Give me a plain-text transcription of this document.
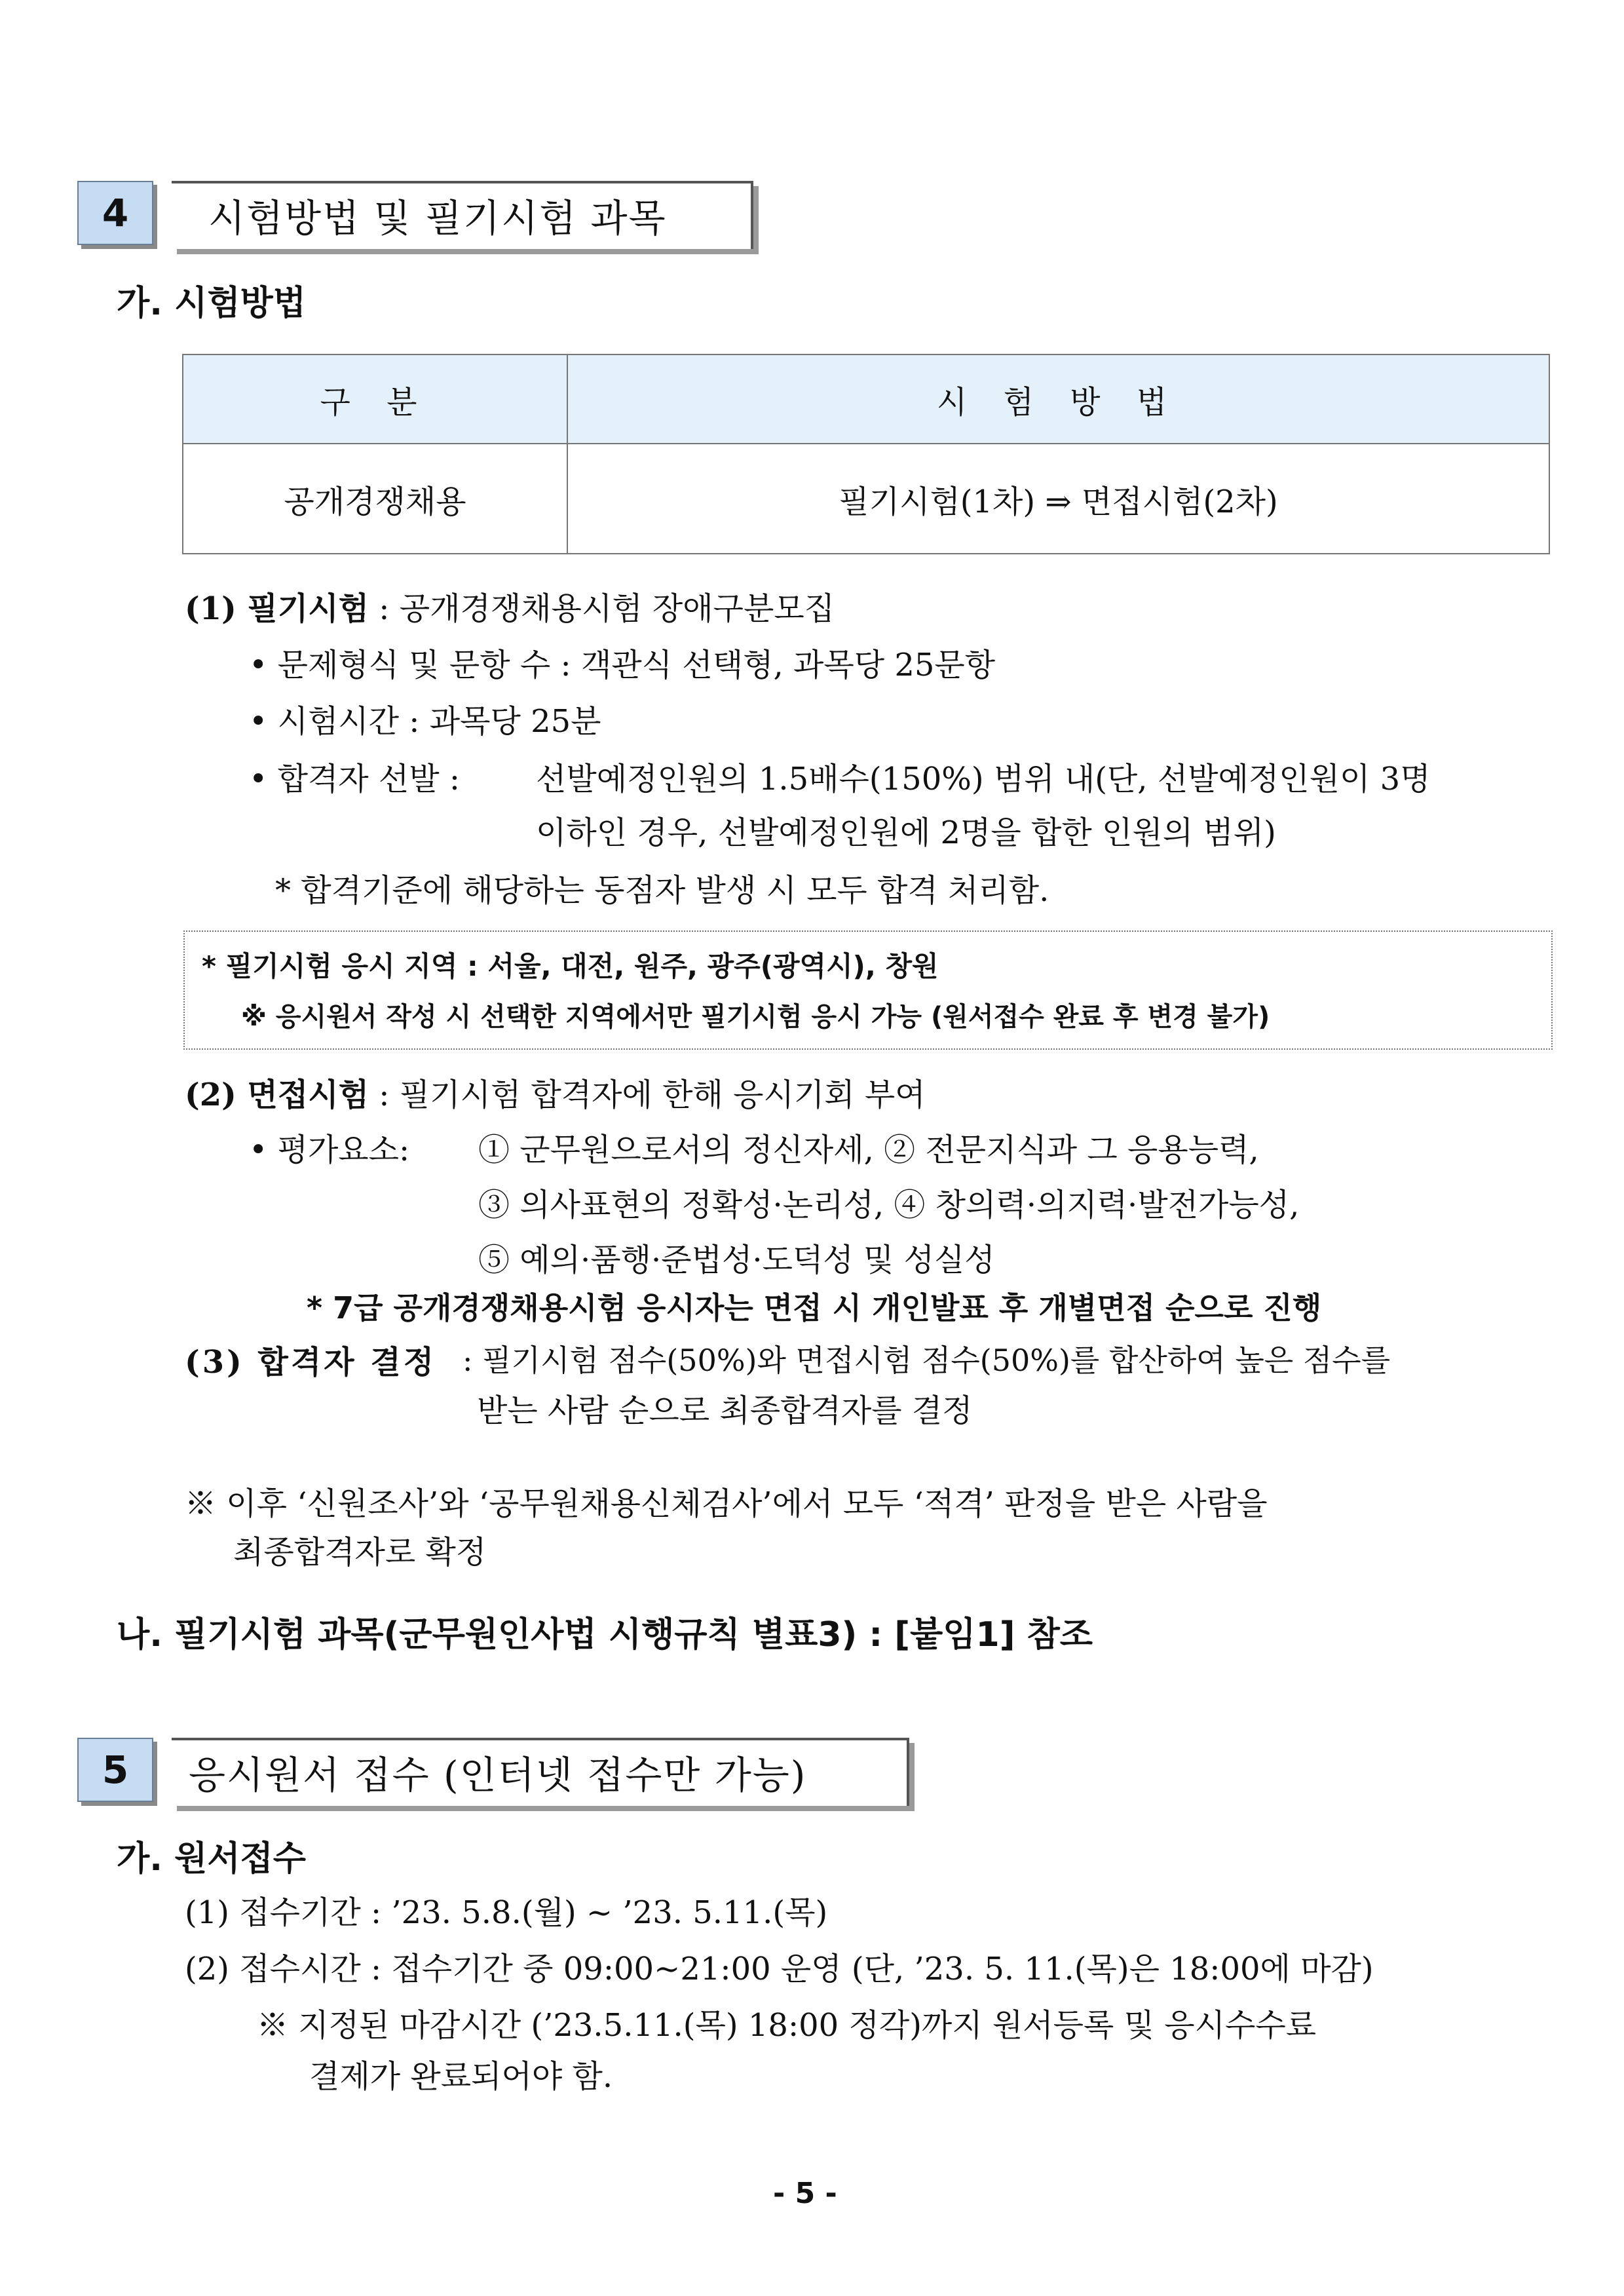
4 시험방법 및 필기시험 과목
가. 시험방법
구 분	시 험 방 법
공개경쟁채용	필기시험(1차) ⇒ 면접시험(2차)
(1) 필기시험 : 공개경쟁채용시험 장애구분모집
• 문제형식 및 문항 수 : 객관식 선택형, 과목당 25문항
• 시험시간 : 과목당 25분
• 합격자 선발 : 선발예정인원의 1.5배수(150%) 범위 내(단, 선발예정인원이 3명
이하인 경우, 선발예정인원에 2명을 합한 인원의 범위)
* 합격기준에 해당하는 동점자 발생 시 모두 합격 처리함.
* 필기시험 응시 지역 : 서울, 대전, 원주, 광주(광역시), 창원
※ 응시원서 작성 시 선택한 지역에서만 필기시험 응시 가능 (원서접수 완료 후 변경 불가)
(2) 면접시험 : 필기시험 합격자에 한해 응시기회 부여
• 평가요소: ① 군무원으로서의 정신자세, ② 전문지식과 그 응용능력,
③ 의사표현의 정확성·논리성, ④ 창의력·의지력·발전가능성,
⑤ 예의·품행·준법성·도덕성 및 성실성
* 7급 공개경쟁채용시험 응시자는 면접 시 개인발표 후 개별면접 순으로 진행
(3) 합격자 결정 : 필기시험 점수(50%)와 면접시험 점수(50%)를 합산하여 높은 점수를
받는 사람 순으로 최종합격자를 결정
※ 이후 ‘신원조사’와 ‘공무원채용신체검사’에서 모두 ‘적격’ 판정을 받은 사람을
최종합격자로 확정
나. 필기시험 과목(군무원인사법 시행규칙 별표3) : [붙임1] 참조
5 응시원서 접수 (인터넷 접수만 가능)
가. 원서접수
(1) 접수기간 : ’23. 5.8.(월) ~ ’23. 5.11.(목)
(2) 접수시간 : 접수기간 중 09:00∼21:00 운영 (단, ’23. 5. 11.(목)은 18:00에 마감)
※ 지정된 마감시간 (’23.5.11.(목) 18:00 정각)까지 원서등록 및 응시수수료
결제가 완료되어야 함.
- 5 -
